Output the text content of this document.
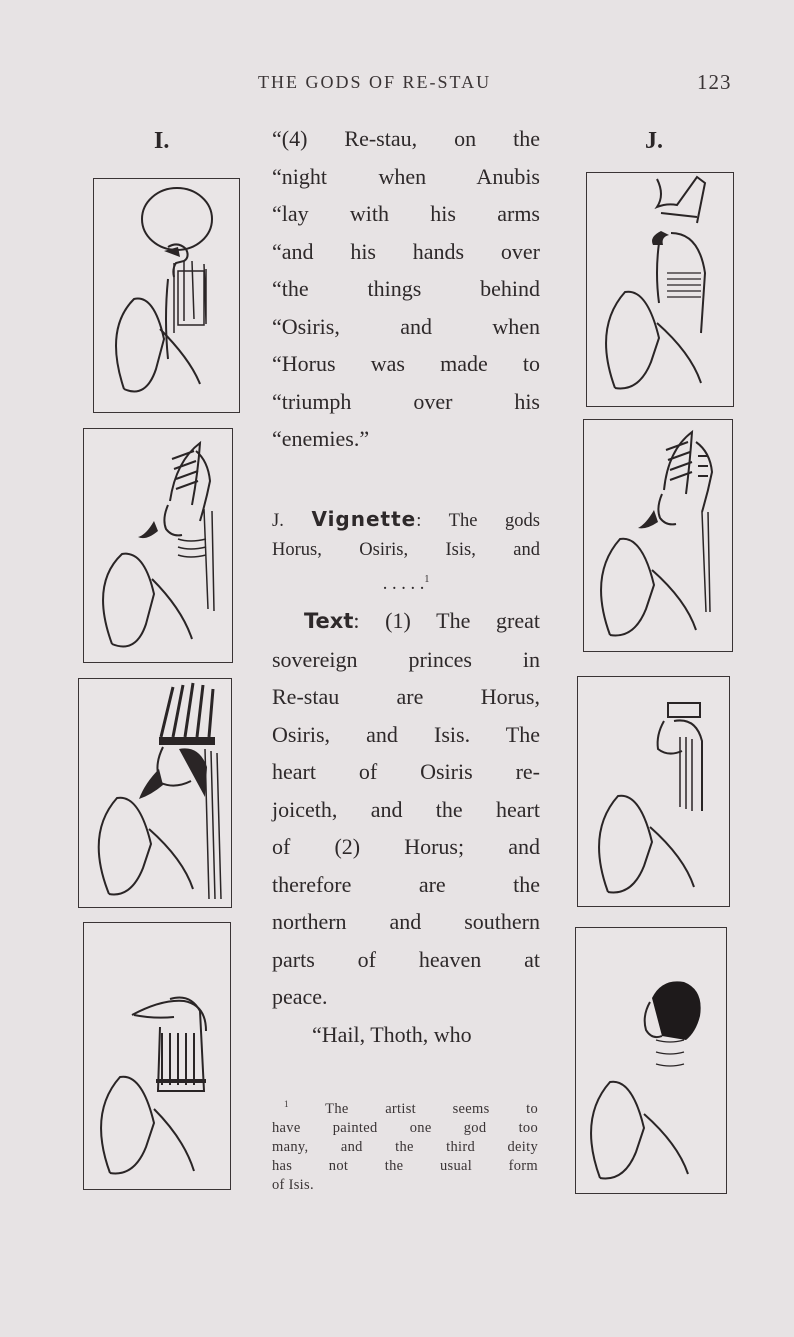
THE GODS OF RE-STAU	123
I.	J.

“(4) Re-stau, on the

“night when Anubis

“lay with his arms

“and his hands over

“the things behind

“Osiris, and when

“Horus was made to

“triumph over his

“enemies.”

J. Vignette: The gods
Horus, Osiris, Isis, and
. . . . .$^1$

Text: (1) The great

sovereign princes in

Re-stau are Horus,

Osiris, and Isis. The

heart of Osiris re-

joiceth, and the heart

of (2) Horus; and

therefore are the

northern and southern

parts of heaven at

peace.

“Hail, Thoth, who

$^1$	The artist seems to

have painted one god too

many, and the third deity

has not the usual form

of Isis.
